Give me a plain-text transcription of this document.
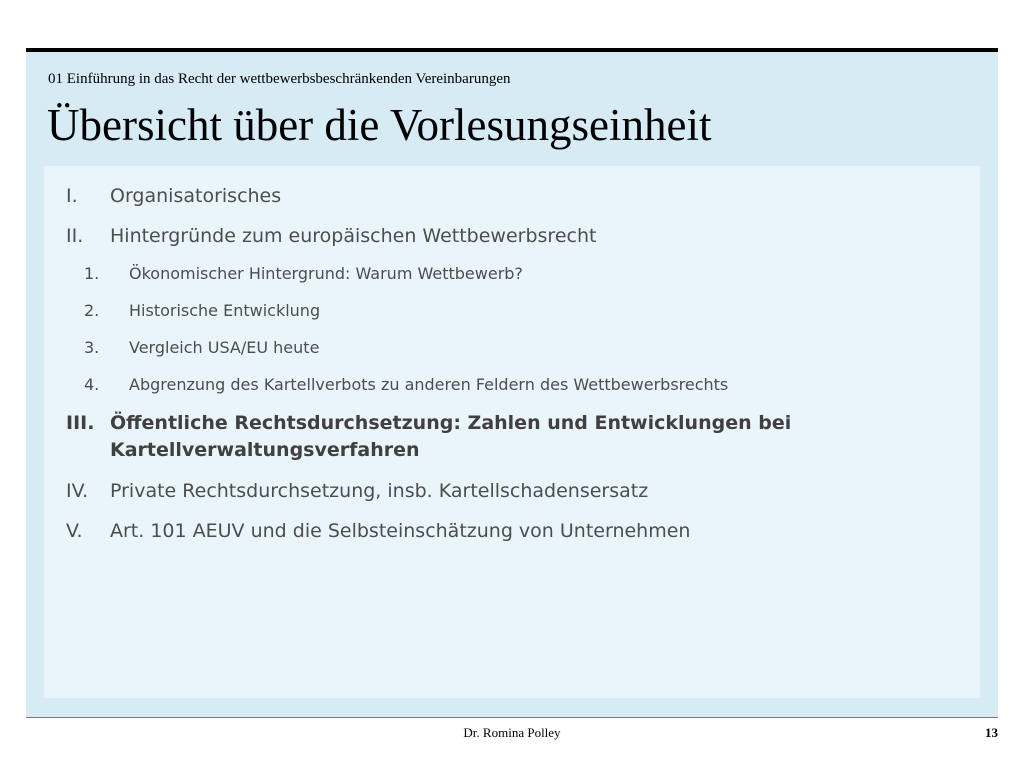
01 Einführung in das Recht der wettbewerbsbeschränkenden Vereinbarungen
Übersicht über die Vorlesungseinheit
I. Organisatorisches
II. Hintergründe zum europäischen Wettbewerbsrecht
1. Ökonomischer Hintergrund: Warum Wettbewerb?
2. Historische Entwicklung
3. Vergleich USA/EU heute
4. Abgrenzung des Kartellverbots zu anderen Feldern des Wettbewerbsrechts
III. Öffentliche Rechtsdurchsetzung: Zahlen und Entwicklungen bei
Kartellverwaltungsverfahren
IV. Private Rechtsdurchsetzung, insb. Kartellschadensersatz
V. Art. 101 AEUV und die Selbsteinschätzung von Unternehmen
Dr. Romina Polley	13
